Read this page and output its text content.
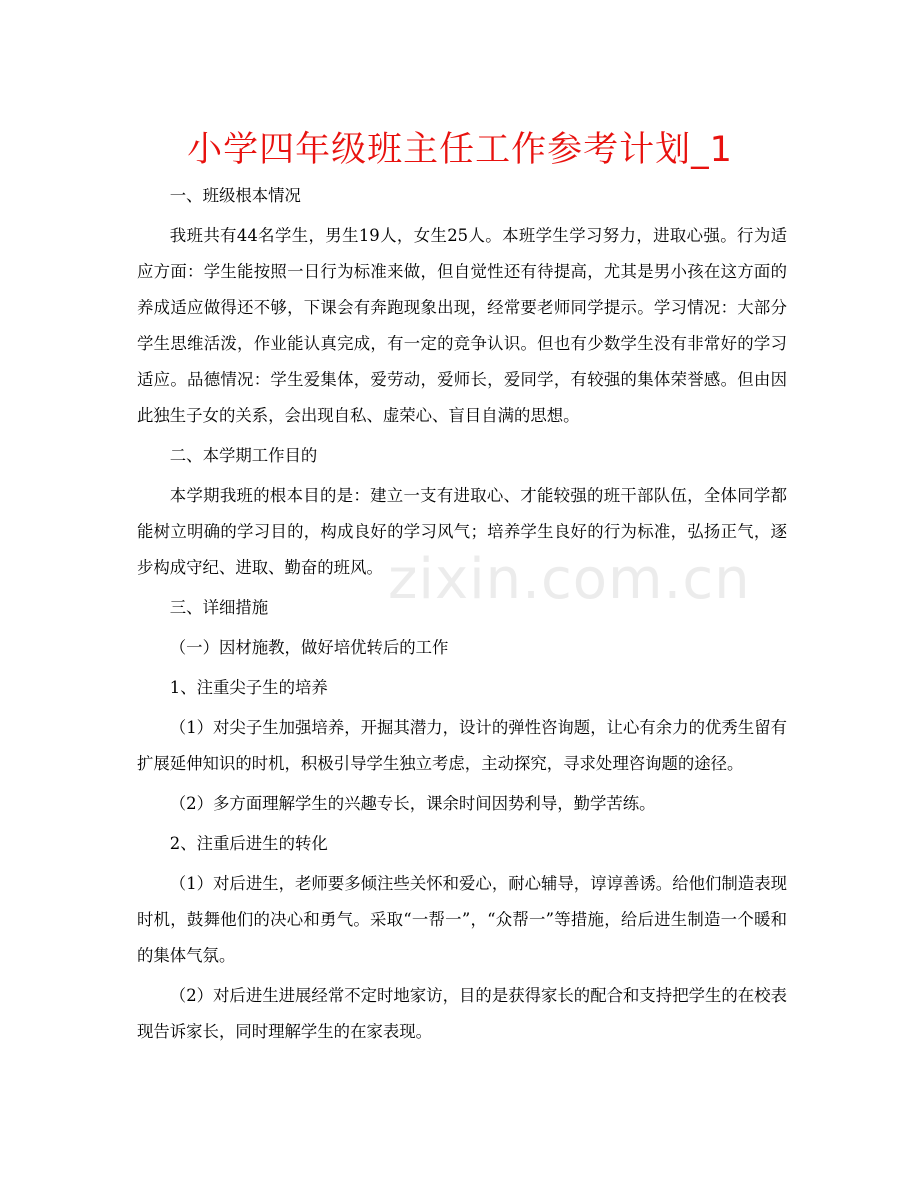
zixin.com.cn
小学四年级班主任工作参考计划_1

一、班级根本情况

我班共有44名学生，男生19人，女生25人。本班学生学习努力，进取心强。行为适应方面：学生能按照一日行为标准来做，但自觉性还有待提高，尤其是男小孩在这方面的养成适应做得还不够，下课会有奔跑现象出现，经常要老师同学提示。学习情况：大部分学生思维活泼，作业能认真完成，有一定的竞争认识。但也有少数学生没有非常好的学习适应。品德情况：学生爱集体，爱劳动，爱师长，爱同学，有较强的集体荣誉感。但由因此独生子女的关系，会出现自私、虚荣心、盲目自满的思想。

二、本学期工作目的

本学期我班的根本目的是：建立一支有进取心、才能较强的班干部队伍，全体同学都能树立明确的学习目的，构成良好的学习风气；培养学生良好的行为标准，弘扬正气，逐步构成守纪、进取、勤奋的班风。

三、详细措施

（一）因材施教，做好培优转后的工作

1、注重尖子生的培养

（1）对尖子生加强培养，开掘其潜力，设计的弹性咨询题，让心有余力的优秀生留有扩展延伸知识的时机，积极引导学生独立考虑，主动探究，寻求处理咨询题的途径。

（2）多方面理解学生的兴趣专长，课余时间因势利导，勤学苦练。

2、注重后进生的转化

（1）对后进生，老师要多倾注些关怀和爱心，耐心辅导，谆谆善诱。给他们制造表现时机，鼓舞他们的决心和勇气。采取“一帮一”，“众帮一”等措施，给后进生制造一个暖和的集体气氛。

（2）对后进生进展经常不定时地家访，目的是获得家长的配合和支持把学生的在校表现告诉家长，同时理解学生的在家表现。
